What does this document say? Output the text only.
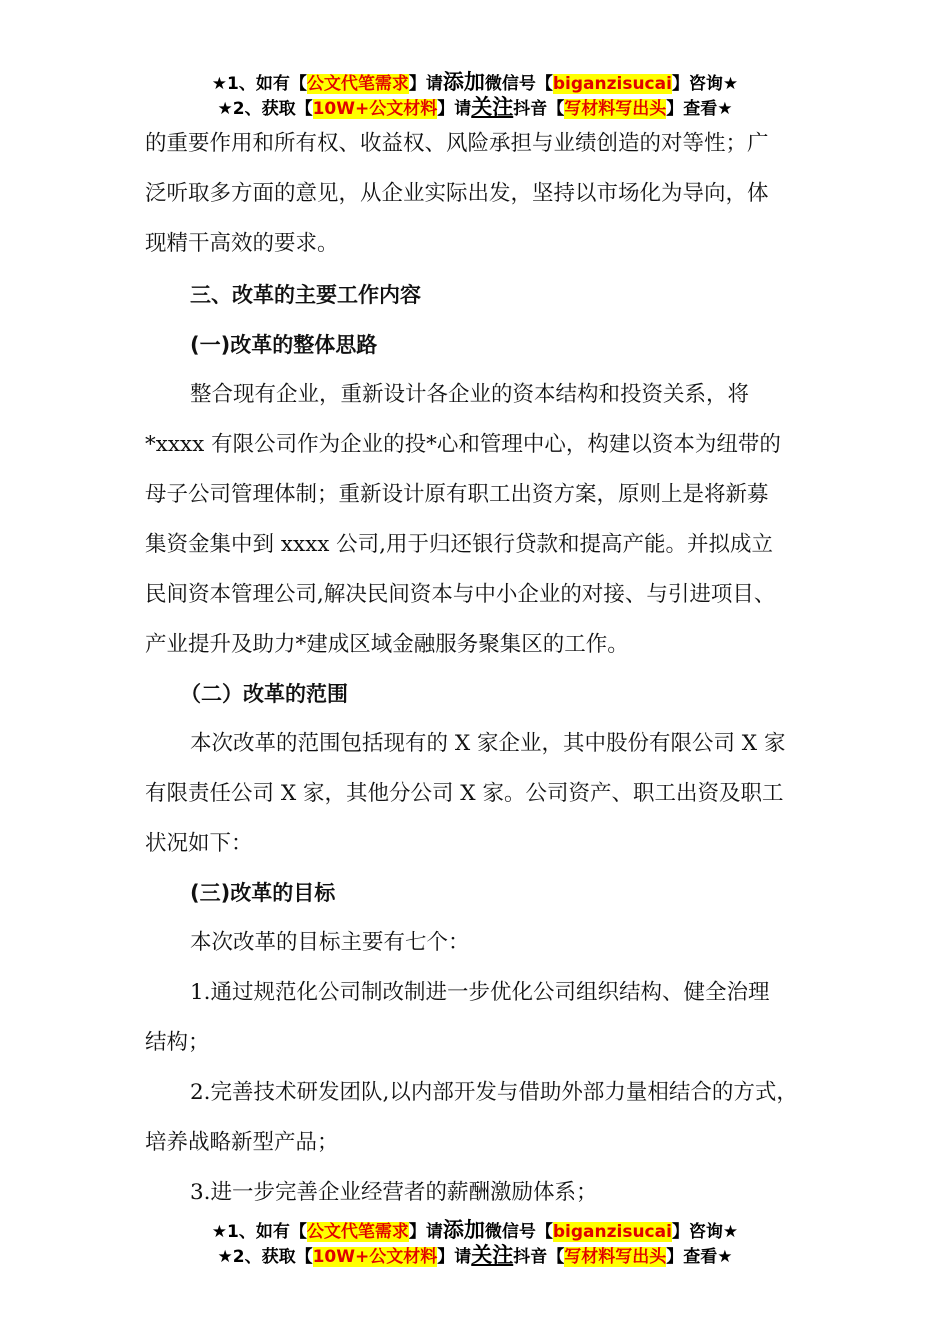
★1、如有【公文代笔需求】请添加微信号【biganzisucai】咨询★
★2、获取【10W+公文材料】请关注抖音【写材料写出头】查看★
的重要作用和所有权、收益权、风险承担与业绩创造的对等性；广
泛听取多方面的意见，从企业实际出发，坚持以市场化为导向，体
现精干高效的要求。
三、改革的主要工作内容
(一)改革的整体思路
整合现有企业，重新设计各企业的资本结构和投资关系，将
*xxxx 有限公司作为企业的投*心和管理中心，构建以资本为纽带的
母子公司管理体制；重新设计原有职工出资方案，原则上是将新募
集资金集中到 xxxx 公司,用于归还银行贷款和提高产能。并拟成立
民间资本管理公司,解决民间资本与中小企业的对接、与引进项目、
产业提升及助力*建成区域金融服务聚集区的工作。
（二）改革的范围
本次改革的范围包括现有的 X 家企业，其中股份有限公司 X 家
有限责任公司 X 家，其他分公司 X 家。公司资产、职工出资及职工
状况如下：
(三)改革的目标
本次改革的目标主要有七个：
1.通过规范化公司制改制进一步优化公司组织结构、健全治理
结构；
2.完善技术研发团队,以内部开发与借助外部力量相结合的方式，
培养战略新型产品；
3.进一步完善企业经营者的薪酬激励体系；
★1、如有【公文代笔需求】请添加微信号【biganzisucai】咨询★
★2、获取【10W+公文材料】请关注抖音【写材料写出头】查看★
